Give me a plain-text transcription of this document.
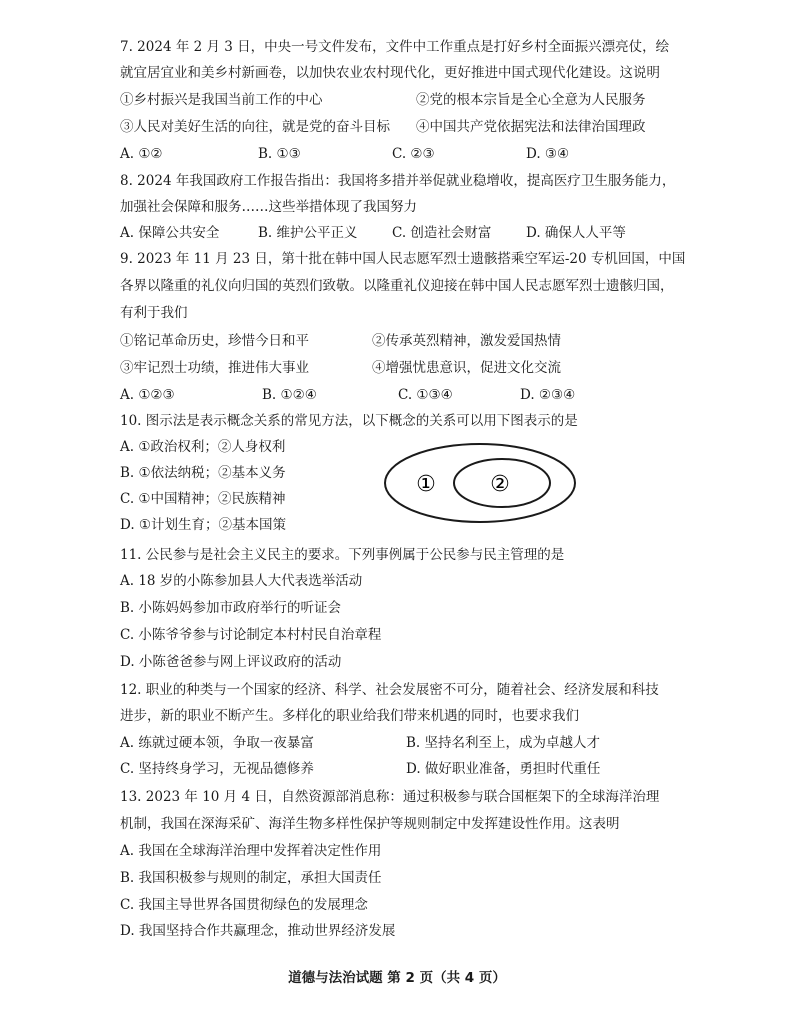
7. 2024 年 2 月 3 日，中央一号文件发布，文件中工作重点是打好乡村全面振兴漂亮仗，绘
就宜居宜业和美乡村新画卷，以加快农业农村现代化，更好推进中国式现代化建设。这说明
①乡村振兴是我国当前工作的中心	②党的根本宗旨是全心全意为人民服务
③人民对美好生活的向往，就是党的奋斗目标 ④中国共产党依据宪法和法律治国理政
A. ①②	B. ①③	C. ②③	D. ③④
8. 2024 年我国政府工作报告指出：我国将多措并举促就业稳增收，提高医疗卫生服务能力，
加强社会保障和服务……这些举措体现了我国努力
A. 保障公共安全	B. 维护公平正义	C. 创造社会财富	D. 确保人人平等
9. 2023 年 11 月 23 日，第十批在韩中国人民志愿军烈士遗骸搭乘空军运-20 专机回国，中国
各界以隆重的礼仪向归国的英烈们致敬。以隆重礼仪迎接在韩中国人民志愿军烈士遗骸归国，
有利于我们
①铭记革命历史，珍惜今日和平	②传承英烈精神，激发爱国热情
③牢记烈士功绩，推进伟大事业	④增强忧患意识，促进文化交流
A. ①②③	B. ①②④	C. ①③④	D. ②③④
10. 图示法是表示概念关系的常见方法，以下概念的关系可以用下图表示的是
A. ①政治权利；②人身权利
B. ①依法纳税；②基本义务
C. ①中国精神；②民族精神
D. ①计划生育；②基本国策
① ②
11. 公民参与是社会主义民主的要求。下列事例属于公民参与民主管理的是
A. 18 岁的小陈参加县人大代表选举活动
B. 小陈妈妈参加市政府举行的听证会
C. 小陈爷爷参与讨论制定本村村民自治章程
D. 小陈爸爸参与网上评议政府的活动
12. 职业的种类与一个国家的经济、科学、社会发展密不可分，随着社会、经济发展和科技
进步，新的职业不断产生。多样化的职业给我们带来机遇的同时，也要求我们
A. 练就过硬本领，争取一夜暴富	B. 坚持名利至上，成为卓越人才
C. 坚持终身学习，无视品德修养	D. 做好职业准备，勇担时代重任
13. 2023 年 10 月 4 日，自然资源部消息称：通过积极参与联合国框架下的全球海洋治理
机制，我国在深海采矿、海洋生物多样性保护等规则制定中发挥建设性作用。这表明
A. 我国在全球海洋治理中发挥着决定性作用
B. 我国积极参与规则的制定，承担大国责任
C. 我国主导世界各国贯彻绿色的发展理念
D. 我国坚持合作共赢理念，推动世界经济发展
道德与法治试题 第 2 页（共 4 页）
